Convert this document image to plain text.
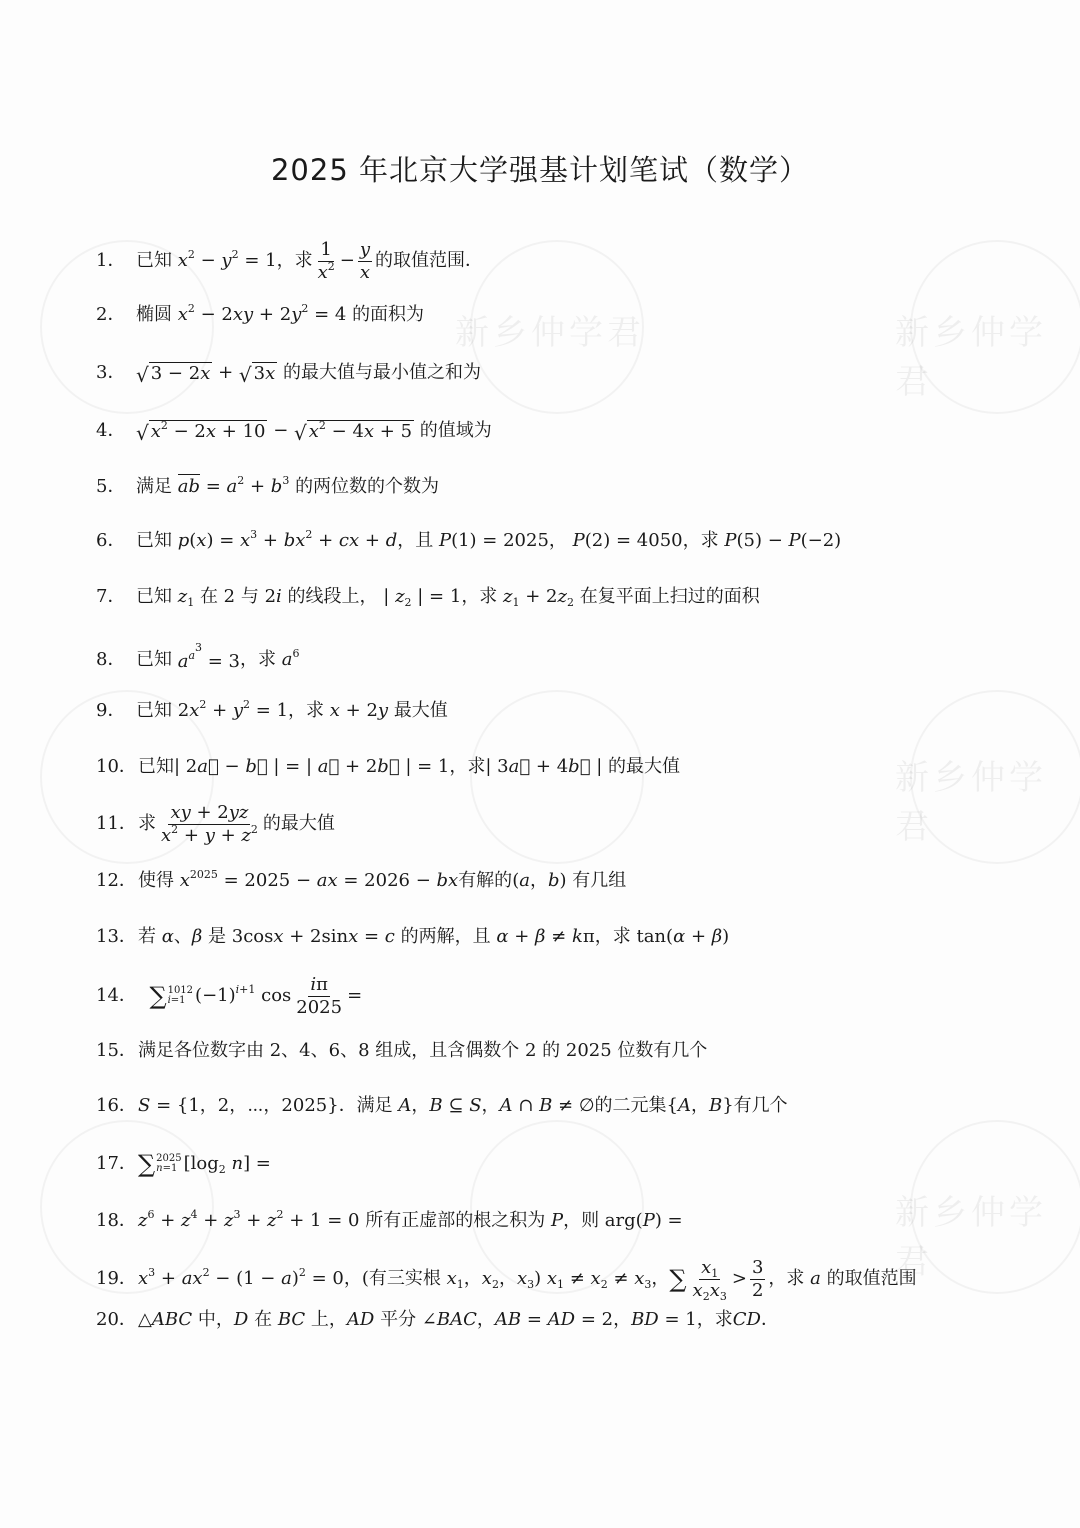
新乡仲学君	新乡仲学君
新乡仲学君
新乡仲学君
2025 年北京大学强基计划笔试（数学）
1． 已知 $x^2 - y^2 = 1$ ，求 $\frac{1}{x^2} - \frac{y}{x}$ 的取值范围．
2． 椭圆 $x^2 - 2xy + 2y^2 = 4$ 的面积为
3． √ 3 − 2x + √ 3x
的最大值与最小值之和为
4． √ $x^2 - 2x + 10$ − √ $x^2 - 4x + 5$
的值域为
5． 满足 ab = $a^2 + b^3$ 的两位数的个数为
6． 已知 $p(x) = x^3 + bx^2$ + cx + d ，且 P(1) = 2025， P(2) = 4050 ，求 P(5) − P(−2)
7． 已知 $z_1$ 在 2 与 2i 的线段上， | $z_2$ | = 1 ，求 $z_1 + 2z_2$ 在复平面上扫过的面积
8． 已知 $a^{a^3} = 3$ ，求 $a^6$
9． 已知 $2x^2 + y^2 = 1$ ，求 x + 2y 最大值
10． 已知 | 2a⃗ − b⃗ | = | a⃗ + 2b⃗ | = 1 ，求 | 3a⃗ + 4b⃗ | 的最大值
11． 求 $\frac{xy + 2yz}{x^2 + y + z^2}$ 的最大值
12． 使得 $x^{2025} = 2025$ − ax = 2026 − bx 有解的 (a，b) 有几组
13． 若 α、β 是 3cosx + 2sinx = c 的两解，且 α + β ≠ kπ ，求 tan(α + β)
14．
∑ 1012
i=1 $(-1)^{i+1}$ $\cos \frac{i\pi}{2025}$ =
15． 满足各位数字由 2、4、6、8 组成，且含偶数个 2 的 2025 位数有几个
16． S = {1，2，⋯，2025} ．满足 A，B ⊆ S ， A ∩ B ≠ ∅ 的二元集 {A，B} 有几个
17． ∑ 2025
n=1 [$\log_2$ n] =
18． $z^6 + z^4 + z^3 + z^2 + 1 = 0$ 所有正虚部的根之积为 P ，则 arg(P) =
19． $x^3 + ax^2 - (1 - a)^2 = 0$ ，(有三实根 $x_1$，$x_2$，$x_3$ ) $x_1 \ne x_2 \ne x_3$ ， ∑ $\frac{x_1}{x_2x_3} > \frac{3}{2}$ ，求 a 的取值范围
20． △ABC 中， D 在 BC 上， AD 平分 ∠BAC ， AB = AD = 2 ， BD = 1 ，求 CD．
